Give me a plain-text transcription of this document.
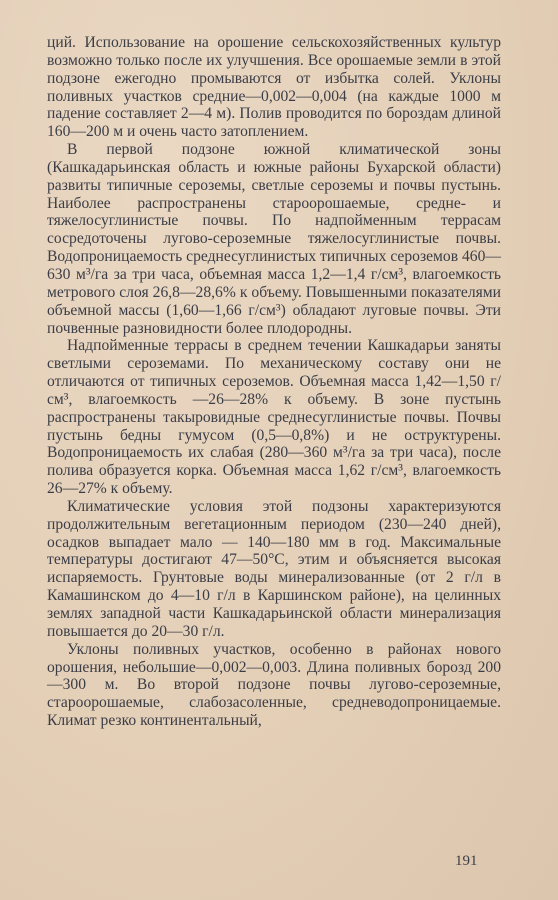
ций. Использование на орошение сельскохозяйственных культур возможно только после их улучшения. Все орошаемые земли в этой подзоне ежегодно промываются от избытка солей. Уклоны поливных участков средние—0,002—0,004 (на каждые 1000 м падение составляет 2—4 м). Полив проводится по бороздам длиной 160—200 м и очень часто затоплением.

В первой подзоне южной климатической зоны (Кашкадарьинская область и южные районы Бухарской области) развиты типичные сероземы, светлые сероземы и почвы пустынь. Наиболее распространены староорошаемые, средне- и тяжелосуглинистые почвы. По надпойменным террасам сосредоточены лугово-сероземные тяжелосуглинистые почвы. Водопроницаемость среднесуглинистых типичных сероземов 460—630 м³/га за три часа, объемная масса 1,2—1,4 г/см³, влагоемкость метрового слоя 26,8—28,6% к объему. Повышенными показателями объемной массы (1,60—1,66 г/см³) обладают луговые почвы. Эти почвенные разновидности более плодородны.

Надпойменные террасы в среднем течении Кашкадарьи заняты светлыми сероземами. По механическому составу они не отличаются от типичных сероземов. Объемная масса 1,42—1,50 г/см³, влагоемкость —26—28% к объему. В зоне пустынь распространены такыровидные среднесуглинистые почвы. Почвы пустынь бедны гумусом (0,5—0,8%) и не оструктурены. Водопроницаемость их слабая (280—360 м³/га за три часа), после полива образуется корка. Объемная масса 1,62 г/см³, влагоемкость 26—27% к объему.

Климатические условия этой подзоны характеризуются продолжительным вегетационным периодом (230—240 дней), осадков выпадает мало — 140—180 мм в год. Максимальные температуры достигают 47—50°С, этим и объясняется высокая испаряемость. Грунтовые воды минерализованные (от 2 г/л в Камашинском до 4—10 г/л в Каршинском районе), на целинных землях западной части Кашкадарьинской области минерализация повышается до 20—30 г/л.

Уклоны поливных участков, особенно в районах нового орошения, небольшие—0,002—0,003. Длина поливных борозд 200—300 м. Во второй подзоне почвы лугово-сероземные, староорошаемые, слабозасоленные, средневодопроницаемые. Климат резко континентальный,

191
